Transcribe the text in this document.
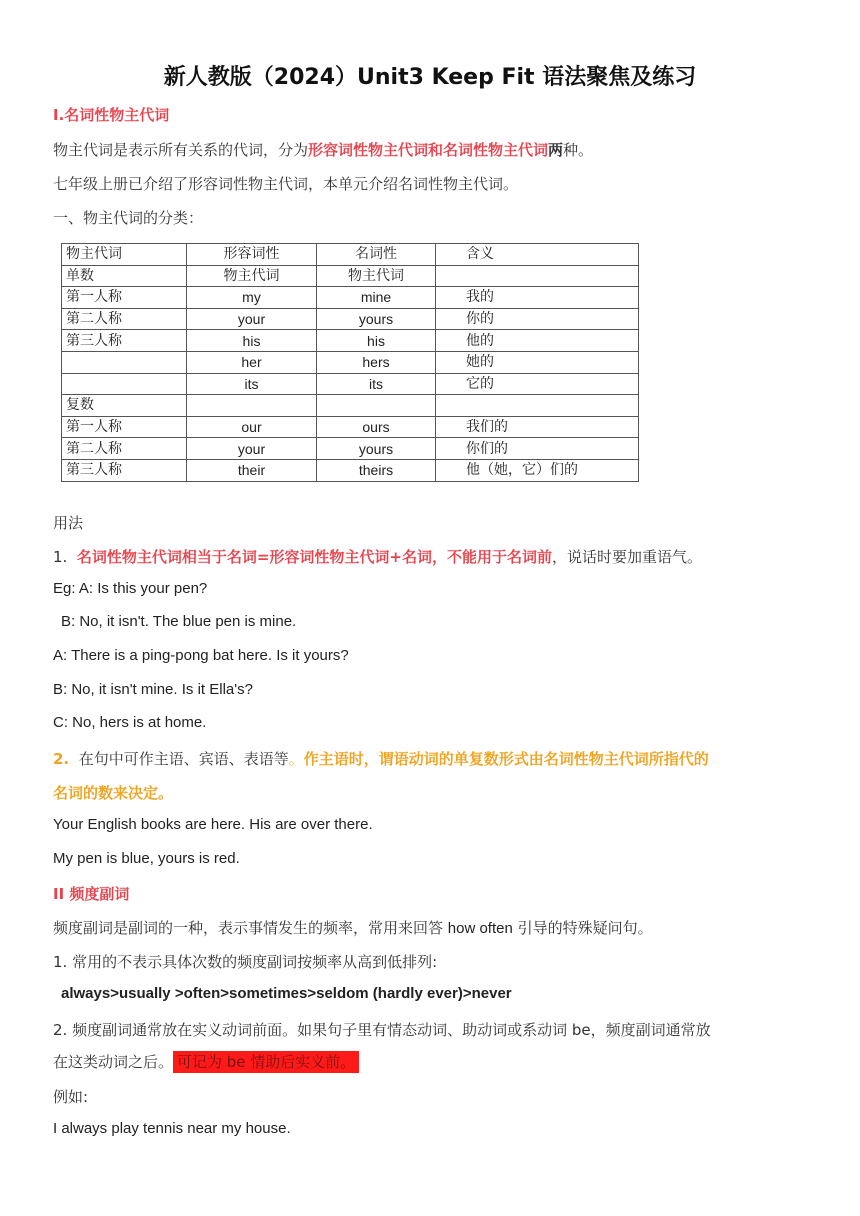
新人教版（2024）Unit3 Keep Fit 语法聚焦及练习
I.名词性物主代词
物主代词是表示所有关系的代词，分为形容词性物主代词和名词性物主代词两种。
七年级上册已介绍了形容词性物主代词，本单元介绍名词性物主代词。
一、物主代词的分类：
物主代词	形容词性	名词性	含义
单数	物主代词	物主代词	
第一人称	my	mine	我的
第二人称	your	yours	你的
第三人称	his	his	他的
	her	hers	她的
	its	its	它的
复数			
第一人称	our	ours	我们的
第二人称	your	yours	你们的
第三人称	their	theirs	他（她，它）们的
用法
1. 名词性物主代词相当于名词=形容词性物主代词+名词，不能用于名词前，说话时要加重语气。
Eg: A: Is this your pen?
B: No, it isn't. The blue pen is mine.
A: There is a ping-pong bat here. Is it yours?
B: No, it isn't mine. Is it Ella's?
C: No, hers is at home.
2. 在句中可作主语、宾语、表语等。作主语时，谓语动词的单复数形式由名词性物主代词所指代的
名词的数来决定。
Your English books are here. His are over there.
My pen is blue, yours is red.
II 频度副词
频度副词是副词的一种，表示事情发生的频率，常用来回答 how often 引导的特殊疑问句。
1. 常用的不表示具体次数的频度副词按频率从高到低排列:
always>usually >often>sometimes>seldom (hardly ever)>never
2. 频度副词通常放在实义动词前面。如果句子里有情态动词、助动词或系动词 be，频度副词通常放
在这类动词之后。 可记为 be 情助后实义前。
例如:
I always play tennis near my house.
